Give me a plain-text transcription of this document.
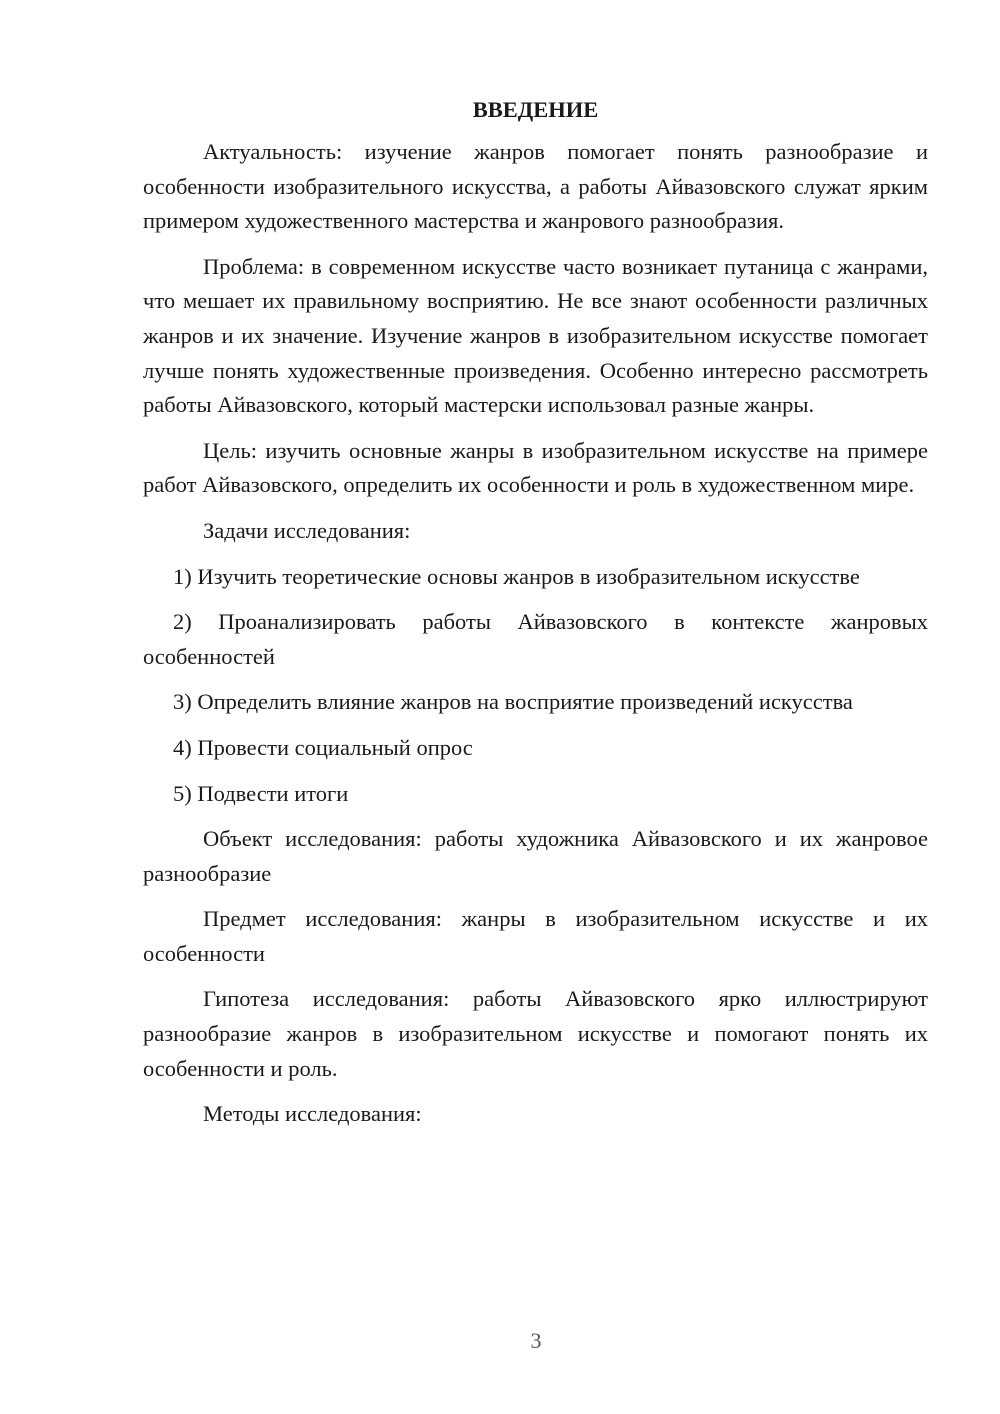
ВВЕДЕНИЕ

Актуальность: изучение жанров помогает понять разнообразие и особенности изобразительного искусства, а работы Айвазовского служат ярким примером художественного мастерства и жанрового разнообразия.

Проблема: в современном искусстве часто возникает путаница с жанрами, что мешает их правильному восприятию. Не все знают особенности различных жанров и их значение. Изучение жанров в изобразительном искусстве помогает лучше понять художественные произведения. Особенно интересно рассмотреть работы Айвазовского, который мастерски использовал разные жанры.

Цель: изучить основные жанры в изобразительном искусстве на примере работ Айвазовского, определить их особенности и роль в художественном мире.

Задачи исследования:

1) Изучить теоретические основы жанров в изобразительном искусстве

2) Проанализировать работы Айвазовского в контексте жанровых особенностей

3) Определить влияние жанров на восприятие произведений искусства

4) Провести социальный опрос

5) Подвести итоги

Объект исследования: работы художника Айвазовского и их жанровое разнообразие

Предмет исследования: жанры в изобразительном искусстве и их особенности

Гипотеза исследования: работы Айвазовского ярко иллюстрируют разнообразие жанров в изобразительном искусстве и помогают понять их особенности и роль.

Методы исследования:

3
